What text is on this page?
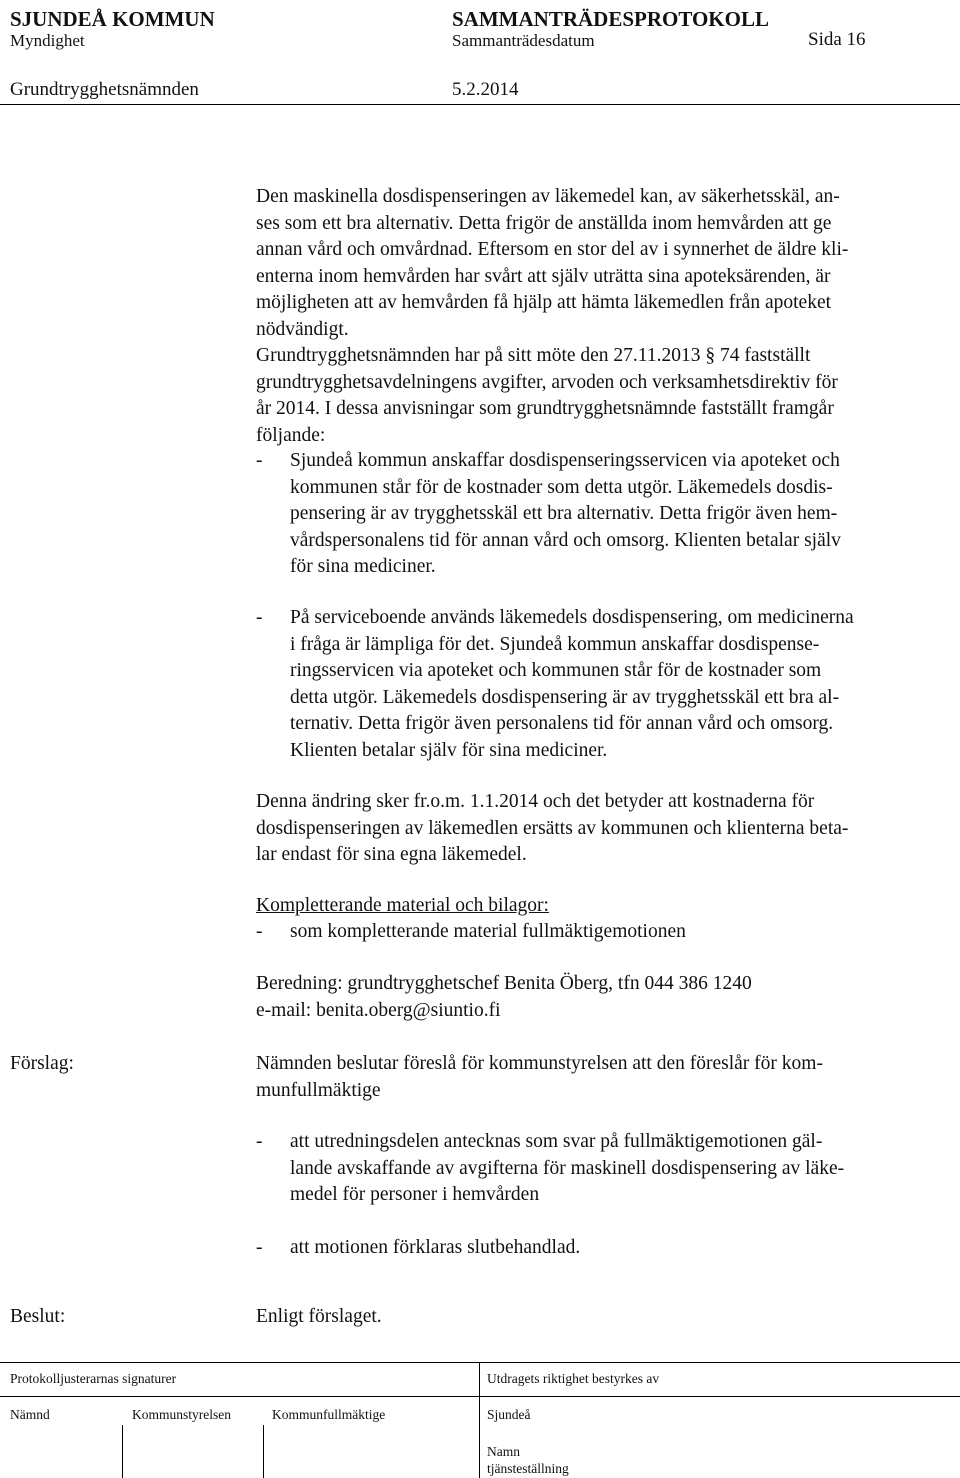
SJUNDEÅ KOMMUN	SAMMANTRÄDESPROTOKOLL
Myndighet	Sammanträdesdatum	Sida 16
Grundtrygghetsnämnden	5.2.2014
Den maskinella dosdispenseringen av läkemedel kan, av säkerhetsskäl, an-
ses som ett bra alternativ. Detta frigör de anställda inom hemvården att ge
annan vård och omvårdnad. Eftersom en stor del av i synnerhet de äldre kli-
enterna inom hemvården har svårt att själv uträtta sina apoteksärenden, är
möjligheten att av hemvården få hjälp att hämta läkemedlen från apoteket
nödvändigt.
Grundtrygghetsnämnden har på sitt möte den 27.11.2013 § 74 fastställt
grundtrygghetsavdelningens avgifter, arvoden och verksamhetsdirektiv för
år 2014. I dessa anvisningar som grundtrygghetsnämnde fastställt framgår
följande:
- Sjundeå kommun anskaffar dosdispenseringsservicen via apoteket och
kommunen står för de kostnader som detta utgör. Läkemedels dosdis-
pensering är av trygghetsskäl ett bra alternativ. Detta frigör även hem-
vårdspersonalens tid för annan vård och omsorg. Klienten betalar själv
för sina mediciner.
- På serviceboende används läkemedels dosdispensering, om medicinerna
i fråga är lämpliga för det. Sjundeå kommun anskaffar dosdispense-
ringsservicen via apoteket och kommunen står för de kostnader som
detta utgör. Läkemedels dosdispensering är av trygghetsskäl ett bra al-
ternativ. Detta frigör även personalens tid för annan vård och omsorg.
Klienten betalar själv för sina mediciner.
Denna ändring sker fr.o.m. 1.1.2014 och det betyder att kostnaderna för
dosdispenseringen av läkemedlen ersätts av kommunen och klienterna beta-
lar endast för sina egna läkemedel.
Kompletterande material och bilagor:
- som kompletterande material fullmäktigemotionen
Beredning: grundtrygghetschef Benita Öberg, tfn 044 386 1240
e-mail: benita.oberg@siuntio.fi
Förslag:	Nämnden beslutar föreslå för kommunstyrelsen att den föreslår för kom-
munfullmäktige
- att utredningsdelen antecknas som svar på fullmäktigemotionen gäl-
lande avskaffande av avgifterna för maskinell dosdispensering av läke-
medel för personer i hemvården
- att motionen förklaras slutbehandlad.
Beslut:	Enligt förslaget.
Protokolljusterarnas signaturer	Utdragets riktighet bestyrkes av
Nämnd	Kommunstyrelsen	Kommunfullmäktige	Sjundeå
Namn
tjänsteställning
